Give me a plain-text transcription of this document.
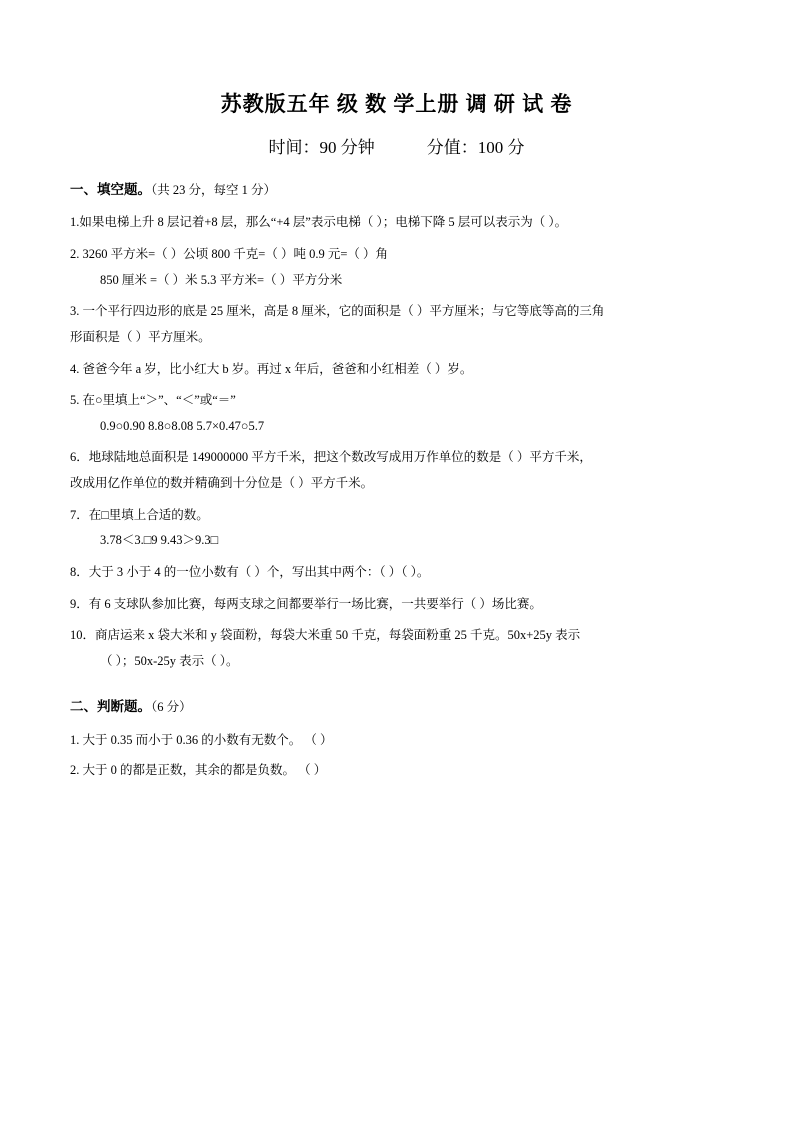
苏教版五年 级 数 学上册 调 研 试 卷
时间：90 分钟	分值：100 分
一、填空题。（共 23 分，每空 1 分）
1.如果电梯上升 8 层记着+8 层，那么“+4 层”表示电梯（ ）；电梯下降 5 层可以表示为（ ）。
2. 3260 平方米=（ ）公顷 800 千克=（ ）吨 0.9 元=（ ）角
850 厘米 =（ ）米 5.3 平方米=（ ）平方分米
3. 一个平行四边形的底是 25 厘米，高是 8 厘米，它的面积是（ ）平方厘米；与它等底等高的三角
形面积是（ ）平方厘米。
4. 爸爸今年 a 岁，比小红大 b 岁。再过 x 年后，爸爸和小红相差（ ）岁。
5. 在○里填上“＞”、“＜”或“＝”
0.9○0.90 8.8○8.08 5.7×0.47○5.7
6．地球陆地总面积是 149000000 平方千米，把这个数改写成用万作单位的数是（ ）平方千米，
改成用亿作单位的数并精确到十分位是（ ）平方千米。
7．在□里填上合适的数。
3.78＜3.□9 9.43＞9.3□
8．大于 3 小于 4 的一位小数有（ ）个，写出其中两个：（ ）（ ）。
9．有 6 支球队参加比赛，每两支球之间都要举行一场比赛，一共要举行（ ）场比赛。
10．商店运来 x 袋大米和 y 袋面粉，每袋大米重 50 千克，每袋面粉重 25 千克。50x+25y 表示
（ ）；50x-25y 表示（ ）。
二、判断题。（6 分）
1. 大于 0.35 而小于 0.36 的小数有无数个。 （ ）
2. 大于 0 的都是正数，其余的都是负数。 （ ）
